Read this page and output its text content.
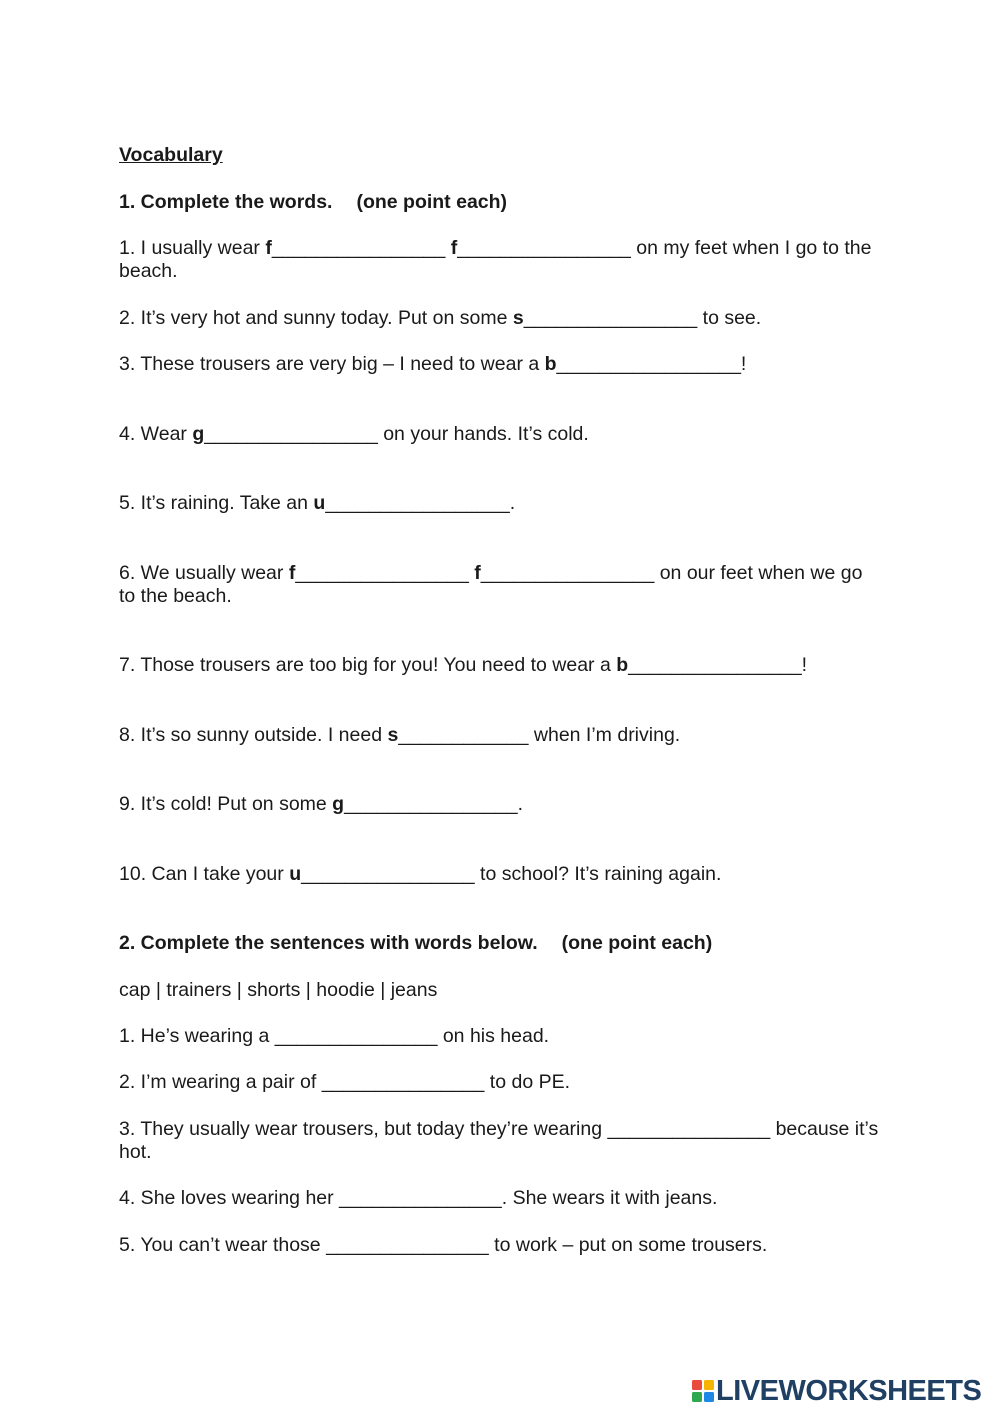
Vocabulary

1. Complete the words. (one point each)

1. I usually wear f________________ f________________ on my feet when I go to the beach.

2. It’s very hot and sunny today. Put on some s________________ to see.

3. These trousers are very big – I need to wear a b_________________!

4. Wear g________________ on your hands. It’s cold.

5. It’s raining. Take an u_________________.

6. We usually wear f________________ f________________ on our feet when we go to the beach.

7. Those trousers are too big for you! You need to wear a b________________!

8. It’s so sunny outside. I need s____________ when I’m driving.

9. It’s cold! Put on some g________________.

10. Can I take your u________________ to school? It’s raining again.

2. Complete the sentences with words below. (one point each)

cap | trainers | shorts | hoodie | jeans

1. He’s wearing a _______________ on his head.

2. I’m wearing a pair of _______________ to do PE.

3. They usually wear trousers, but today they’re wearing _______________ because it’s hot.

4. She loves wearing her _______________. She wears it with jeans.

5. You can’t wear those _______________ to work – put on some trousers.

LIVEWORKSHEETS
